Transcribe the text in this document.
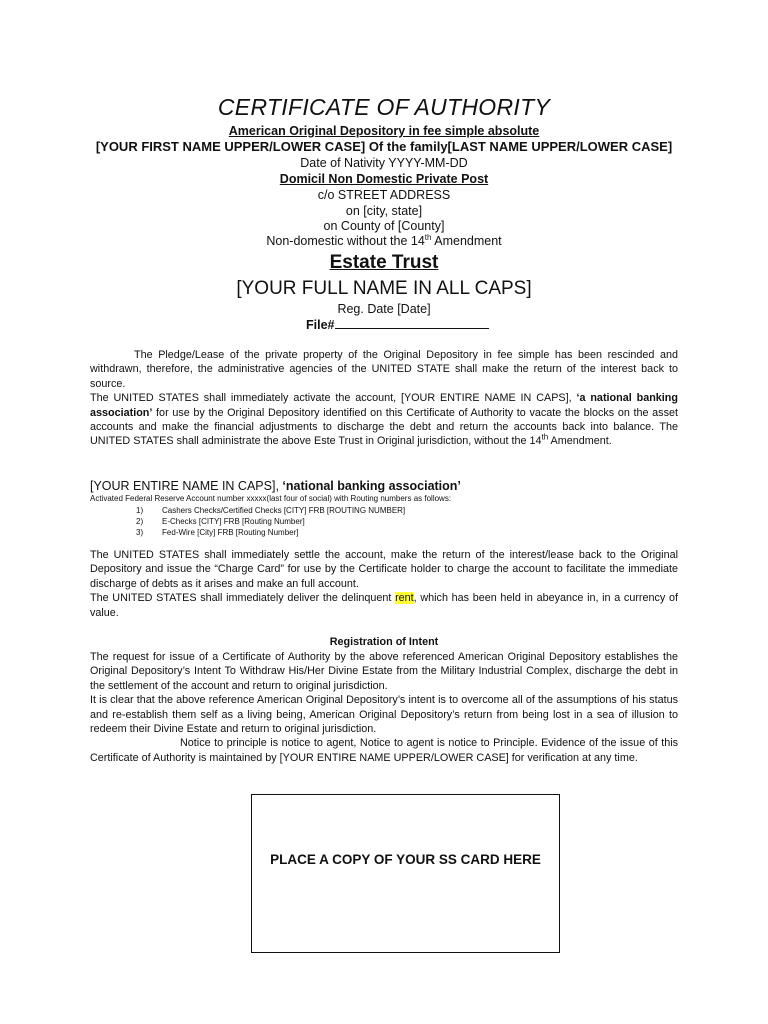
CERTIFICATE OF AUTHORITY
American Original Depository in fee simple absolute
[YOUR FIRST NAME UPPER/LOWER CASE] Of the family[LAST NAME UPPER/LOWER CASE]
Date of Nativity YYYY-MM-DD
Domicil Non Domestic Private Post
c/o STREET ADDRESS
on [city, state]
on County of [County]
Non-domestic without the 14th Amendment
Estate Trust
[YOUR FULL NAME IN ALL CAPS]
Reg. Date [Date]
File#
The Pledge/Lease of the private property of the Original Depository in fee simple has been rescinded and withdrawn, therefore, the administrative agencies of the UNITED STATE shall make the return of the interest back to source.
The UNITED STATES shall immediately activate the account, [YOUR ENTIRE NAME IN CAPS], ‘a national banking association’ for use by the Original Depository identified on this Certificate of Authority to vacate the blocks on the asset accounts and make the financial adjustments to discharge the debt and return the accounts back into balance. The UNITED STATES shall administrate the above Este Trust in Original jurisdiction, without the 14th Amendment.
[YOUR ENTIRE NAME IN CAPS], ‘national banking association’
Activated Federal Reserve Account number xxxxx(last four of social) with Routing numbers as follows:
1) Cashers Checks/Certified Checks [CITY] FRB [ROUTING NUMBER]
2) E-Checks [CITY] FRB [Routing Number]
3) Fed-Wire [City] FRB [Routing Number]
The UNITED STATES shall immediately settle the account, make the return of the interest/lease back to the Original Depository and issue the “Charge Card” for use by the Certificate holder to charge the account to facilitate the immediate discharge of debts as it arises and make an full account.
The UNITED STATES shall immediately deliver the delinquent rent, which has been held in abeyance in, in a currency of value.
Registration of Intent
The request for issue of a Certificate of Authority by the above referenced American Original Depository establishes the Original Depository’s Intent To Withdraw His/Her Divine Estate from the Military Industrial Complex, discharge the debt in the settlement of the account and return to original jurisdiction.
It is clear that the above reference American Original Depository’s intent is to overcome all of the assumptions of his status and re-establish them self as a living being, American Original Depository’s return from being lost in a sea of illusion to redeem their Divine Estate and return to original jurisdiction.
Notice to principle is notice to agent, Notice to agent is notice to Principle. Evidence of the issue of this Certificate of Authority is maintained by [YOUR ENTIRE NAME UPPER/LOWER CASE] for verification at any time.
PLACE A COPY OF YOUR SS CARD HERE
